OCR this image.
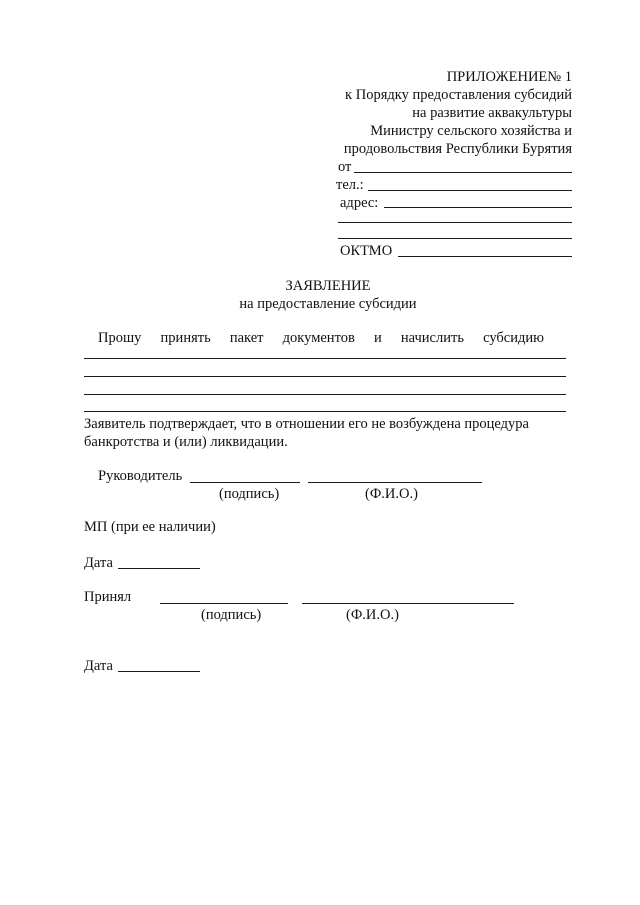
ПРИЛОЖЕНИЕ№ 1
к Порядку предоставления субсидий
на развитие аквакультуры
Министру сельского хозяйства и
продовольствия Республики Бурятия
от
тел.:
адрес:
ОКТМО
ЗАЯВЛЕНИЕ
на предоставление субсидии
Прошу принять пакет документов и начислить субсидию
Заявитель подтверждает, что в отношении его не возбуждена процедура
банкротства и (или) ликвидации.
Руководитель
(подпись)	(Ф.И.О.)
МП (при ее наличии)
Дата
Принял
(подпись)	(Ф.И.О.)
Дата
